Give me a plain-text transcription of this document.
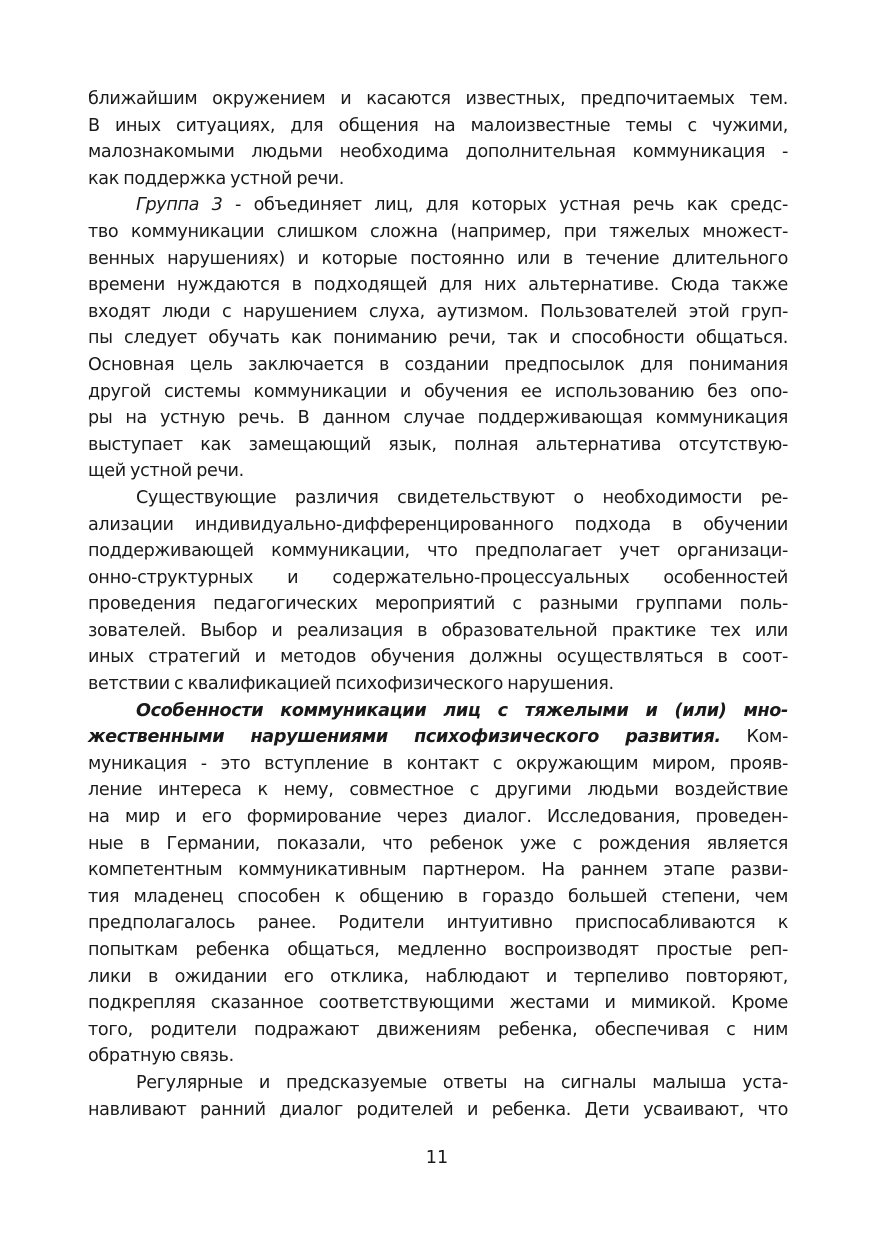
ближайшим окружением и касаются известных, предпочитаемых тем.
В иных ситуациях, для общения на малоизвестные темы с чужими,
малознакомыми людьми необходима дополнительная коммуникация -
как поддержка устной речи.
Группа 3 - объединяет лиц, для которых устная речь как средс-
тво коммуникации слишком сложна (например, при тяжелых множест-
венных нарушениях) и которые постоянно или в течение длительного
времени нуждаются в подходящей для них альтернативе. Сюда также
входят люди с нарушением слуха, аутизмом. Пользователей этой груп-
пы следует обучать как пониманию речи, так и способности общаться.
Основная цель заключается в создании предпосылок для понимания
другой системы коммуникации и обучения ее использованию без опо-
ры на устную речь. В данном случае поддерживающая коммуникация
выступает как замещающий язык, полная альтернатива отсутствую-
щей устной речи.
Существующие различия свидетельствуют о необходимости ре-
ализации индивидуально-дифференцированного подхода в обучении
поддерживающей коммуникации, что предполагает учет организаци-
онно-структурных и содержательно-процессуальных особенностей
проведения педагогических мероприятий с разными группами поль-
зователей. Выбор и реализация в образовательной практике тех или
иных стратегий и методов обучения должны осуществляться в соот-
ветствии с квалификацией психофизического нарушения.
Особенности коммуникации лиц с тяжелыми и (или) мно-
жественными нарушениями психофизического развития. Ком-
муникация - это вступление в контакт с окружающим миром, прояв-
ление интереса к нему, совместное с другими людьми воздействие
на мир и его формирование через диалог. Исследования, проведен-
ные в Германии, показали, что ребенок уже с рождения является
компетентным коммуникативным партнером. На раннем этапе разви-
тия младенец способен к общению в гораздо большей степени, чем
предполагалось ранее. Родители интуитивно приспосабливаются к
попыткам ребенка общаться, медленно воспроизводят простые реп-
лики в ожидании его отклика, наблюдают и терпеливо повторяют,
подкрепляя сказанное соответствующими жестами и мимикой. Кроме
того, родители подражают движениям ребенка, обеспечивая с ним
обратную связь.
Регулярные и предсказуемые ответы на сигналы малыша уста-
навливают ранний диалог родителей и ребенка. Дети усваивают, что
11
